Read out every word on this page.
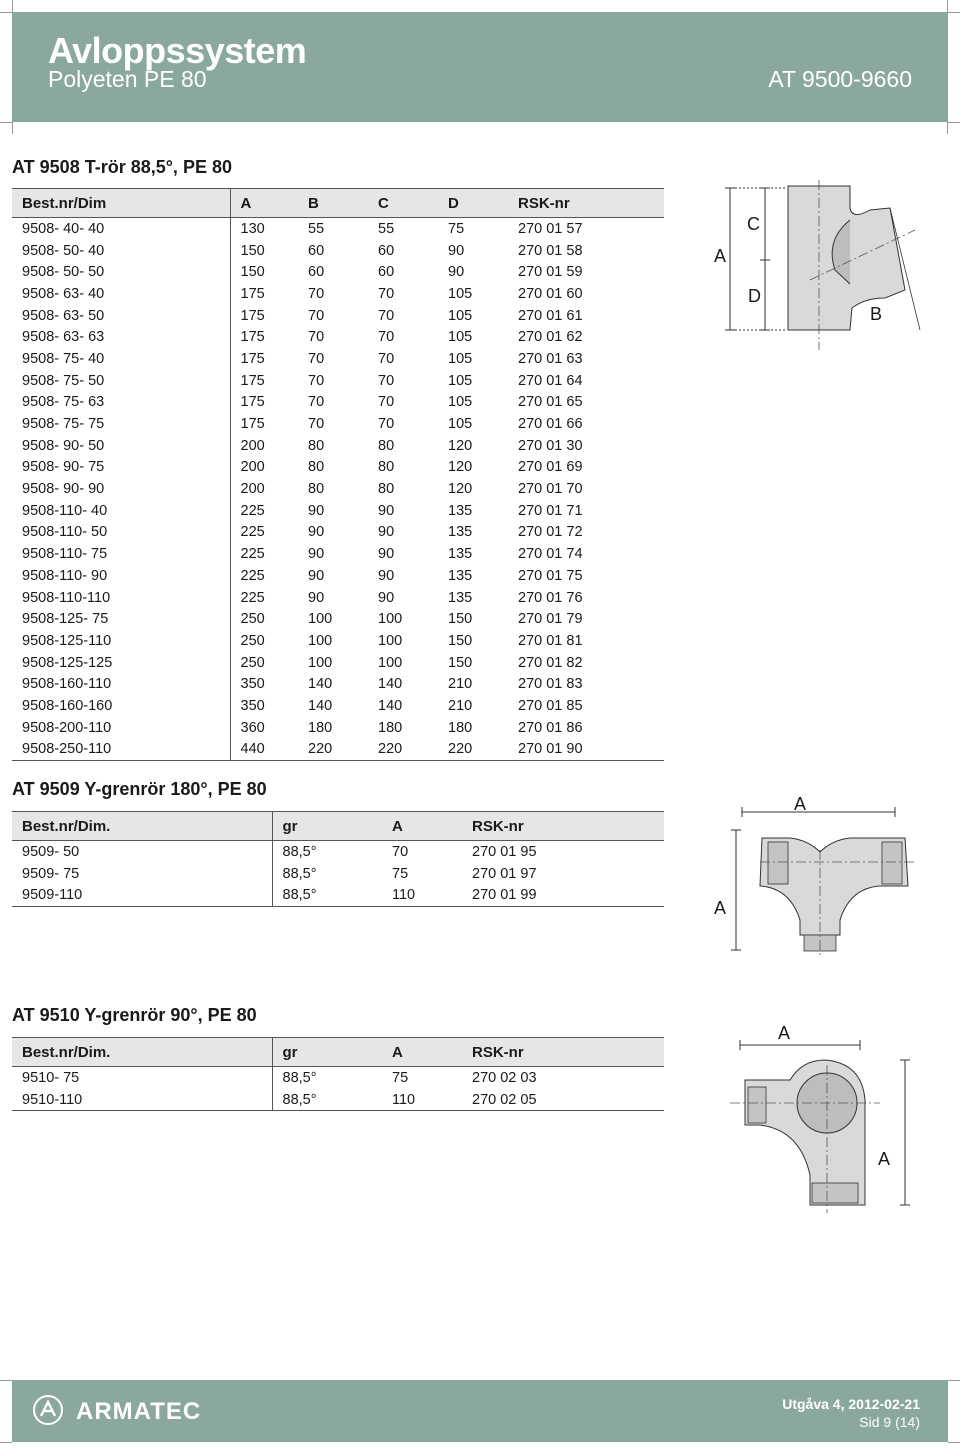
Avloppssystem
Polyeten PE 80	AT 9500-9660
AT 9508 T-rör 88,5°, PE 80
Best.nr/Dim	A	B	C	D	RSK-nr
9508- 40- 40	130	55	55	75	270 01 57
9508- 50- 40	150	60	60	90	270 01 58
9508- 50- 50	150	60	60	90	270 01 59
9508- 63- 40	175	70	70	105	270 01 60
9508- 63- 50	175	70	70	105	270 01 61
9508- 63- 63	175	70	70	105	270 01 62
9508- 75- 40	175	70	70	105	270 01 63
9508- 75- 50	175	70	70	105	270 01 64
9508- 75- 63	175	70	70	105	270 01 65
9508- 75- 75	175	70	70	105	270 01 66
9508- 90- 50	200	80	80	120	270 01 30
9508- 90- 75	200	80	80	120	270 01 69
9508- 90- 90	200	80	80	120	270 01 70
9508-110- 40	225	90	90	135	270 01 71
9508-110- 50	225	90	90	135	270 01 72
9508-110- 75	225	90	90	135	270 01 74
9508-110- 90	225	90	90	135	270 01 75
9508-110-110	225	90	90	135	270 01 76
9508-125- 75	250	100	100	150	270 01 79
9508-125-110	250	100	100	150	270 01 81
9508-125-125	250	100	100	150	270 01 82
9508-160-110	350	140	140	210	270 01 83
9508-160-160	350	140	140	210	270 01 85
9508-200-110	360	180	180	180	270 01 86
9508-250-110	440	220	220	220	270 01 90
A
C
D
B
AT 9509 Y-grenrör 180°, PE 80
Best.nr/Dim.	gr	A	RSK-nr
9509- 50	88,5°	70	270 01 95
9509- 75	88,5°	75	270 01 97
9509-110	88,5°	110	270 01 99
A
A
AT 9510 Y-grenrör 90°, PE 80
Best.nr/Dim.	gr	A	RSK-nr
9510- 75	88,5°	75	270 02 03
9510-110	88,5°	110	270 02 05
A
A
ARMATEC	Utgåva 4, 2012-02-21
Sid 9 (14)
